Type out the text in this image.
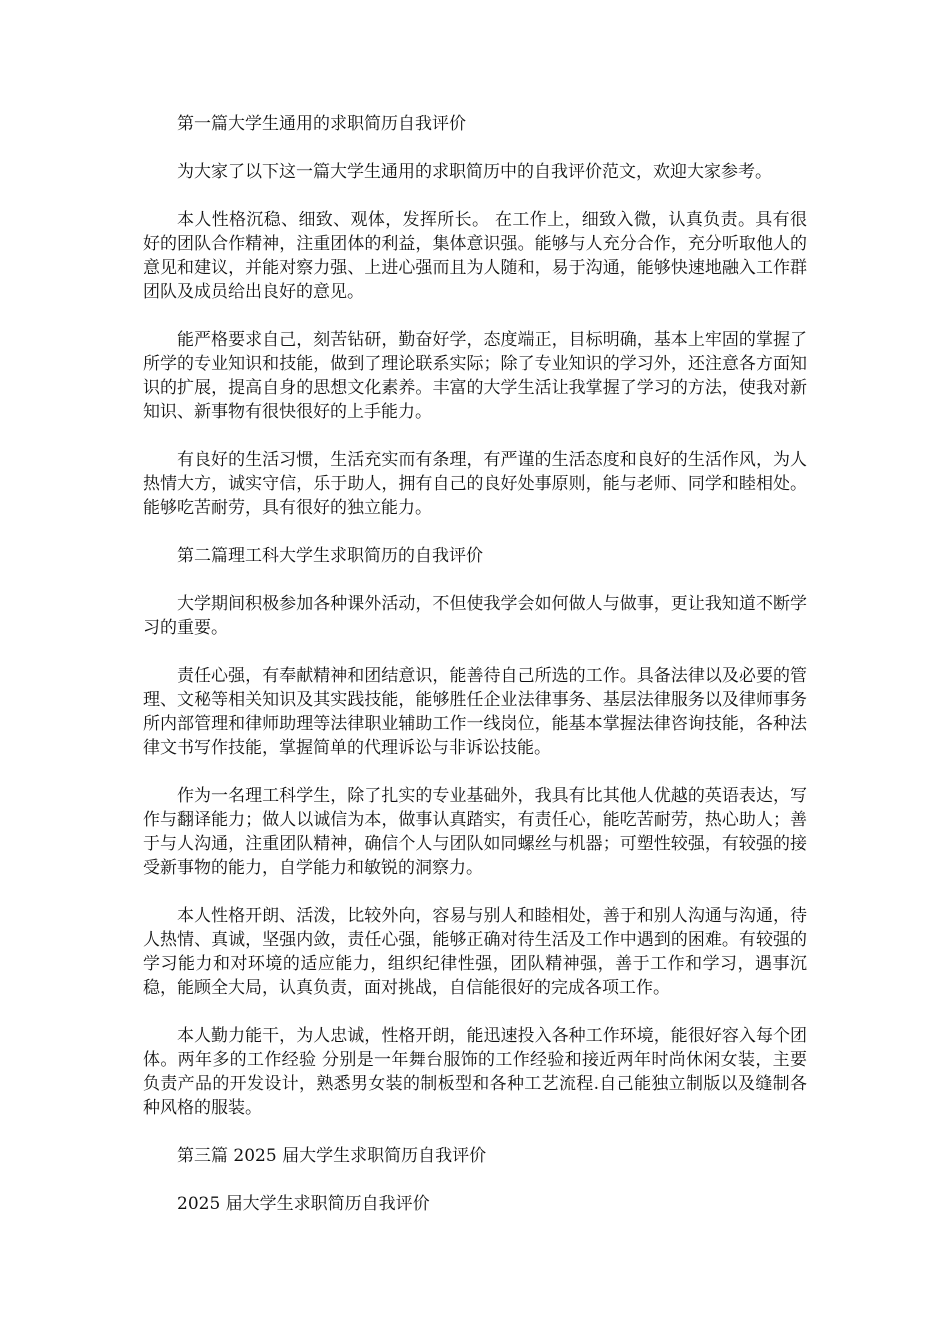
第一篇大学生通用的求职简历自我评价

为大家了以下这一篇大学生通用的求职简历中的自我评价范文，欢迎大家参考。

本人性格沉稳、细致、观体，发挥所长。 在工作上，细致入微，认真负责。具有很好的团队合作精神，注重团体的利益，集体意识强。能够与人充分合作，充分听取他人的意见和建议，并能对察力强、上进心强而且为人随和，易于沟通，能够快速地融入工作群团队及成员给出良好的意见。

能严格要求自己，刻苦钻研，勤奋好学，态度端正，目标明确，基本上牢固的掌握了所学的专业知识和技能，做到了理论联系实际；除了专业知识的学习外，还注意各方面知识的扩展，提高自身的思想文化素养。丰富的大学生活让我掌握了学习的方法，使我对新知识、新事物有很快很好的上手能力。

有良好的生活习惯，生活充实而有条理，有严谨的生活态度和良好的生活作风，为人热情大方，诚实守信，乐于助人，拥有自己的良好处事原则，能与老师、同学和睦相处。能够吃苦耐劳，具有很好的独立能力。

第二篇理工科大学生求职简历的自我评价

大学期间积极参加各种课外活动，不但使我学会如何做人与做事，更让我知道不断学习的重要。

责任心强，有奉献精神和团结意识，能善待自己所选的工作。具备法律以及必要的管理、文秘等相关知识及其实践技能，能够胜任企业法律事务、基层法律服务以及律师事务所内部管理和律师助理等法律职业辅助工作一线岗位，能基本掌握法律咨询技能，各种法律文书写作技能，掌握简单的代理诉讼与非诉讼技能。

作为一名理工科学生，除了扎实的专业基础外，我具有比其他人优越的英语表达，写作与翻译能力；做人以诚信为本，做事认真踏实，有责任心，能吃苦耐劳，热心助人；善于与人沟通，注重团队精神，确信个人与团队如同螺丝与机器；可塑性较强，有较强的接受新事物的能力，自学能力和敏锐的洞察力。

本人性格开朗、活泼，比较外向，容易与别人和睦相处，善于和别人沟通与沟通，待人热情、真诚，坚强内敛，责任心强，能够正确对待生活及工作中遇到的困难。有较强的学习能力和对环境的适应能力，组织纪律性强，团队精神强，善于工作和学习，遇事沉稳，能顾全大局，认真负责，面对挑战，自信能很好的完成各项工作。

本人勤力能干，为人忠诚，性格开朗，能迅速投入各种工作环境，能很好容入每个团体。两年多的工作经验 分别是一年舞台服饰的工作经验和接近两年时尚休闲女装，主要负责产品的开发设计，熟悉男女装的制板型和各种工艺流程.自己能独立制版以及缝制各种风格的服装。

第三篇 2025 届大学生求职简历自我评价

2025 届大学生求职简历自我评价
